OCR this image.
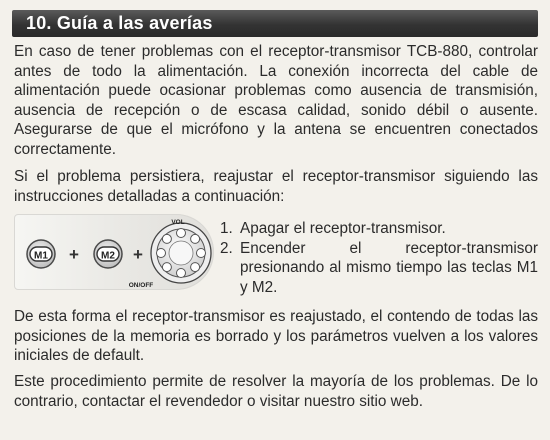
10. Guía a las averías

En caso de tener problemas con el receptor-transmisor TCB-880, controlar antes de todo la alimentación. La conexión incorrecta del cable de alimentación puede ocasionar problemas como ausencia de transmisión, ausencia de recepción o de escasa calidad, sonido débil o ausente. Asegurarse de que el micrófono y la antena se encuentren conectados correctamente.

Si el problema persistiera, reajustar el receptor-transmisor siguiendo las instrucciones detalladas a continuación:

M1 + M2 +
VOL
ON/OFF
1. Apagar el receptor-transmisor.
2. Encender el receptor-transmisor
presionando al mismo tiempo las teclas M1 y M2.

De esta forma el receptor-transmisor es reajustado, el contendo de todas las posiciones de la memoria es borrado y los parámetros vuelven a los valores iniciales de default.

Este procedimiento permite de resolver la mayoría de los problemas. De lo contrario, contactar el revendedor o visitar nuestro sitio web.
